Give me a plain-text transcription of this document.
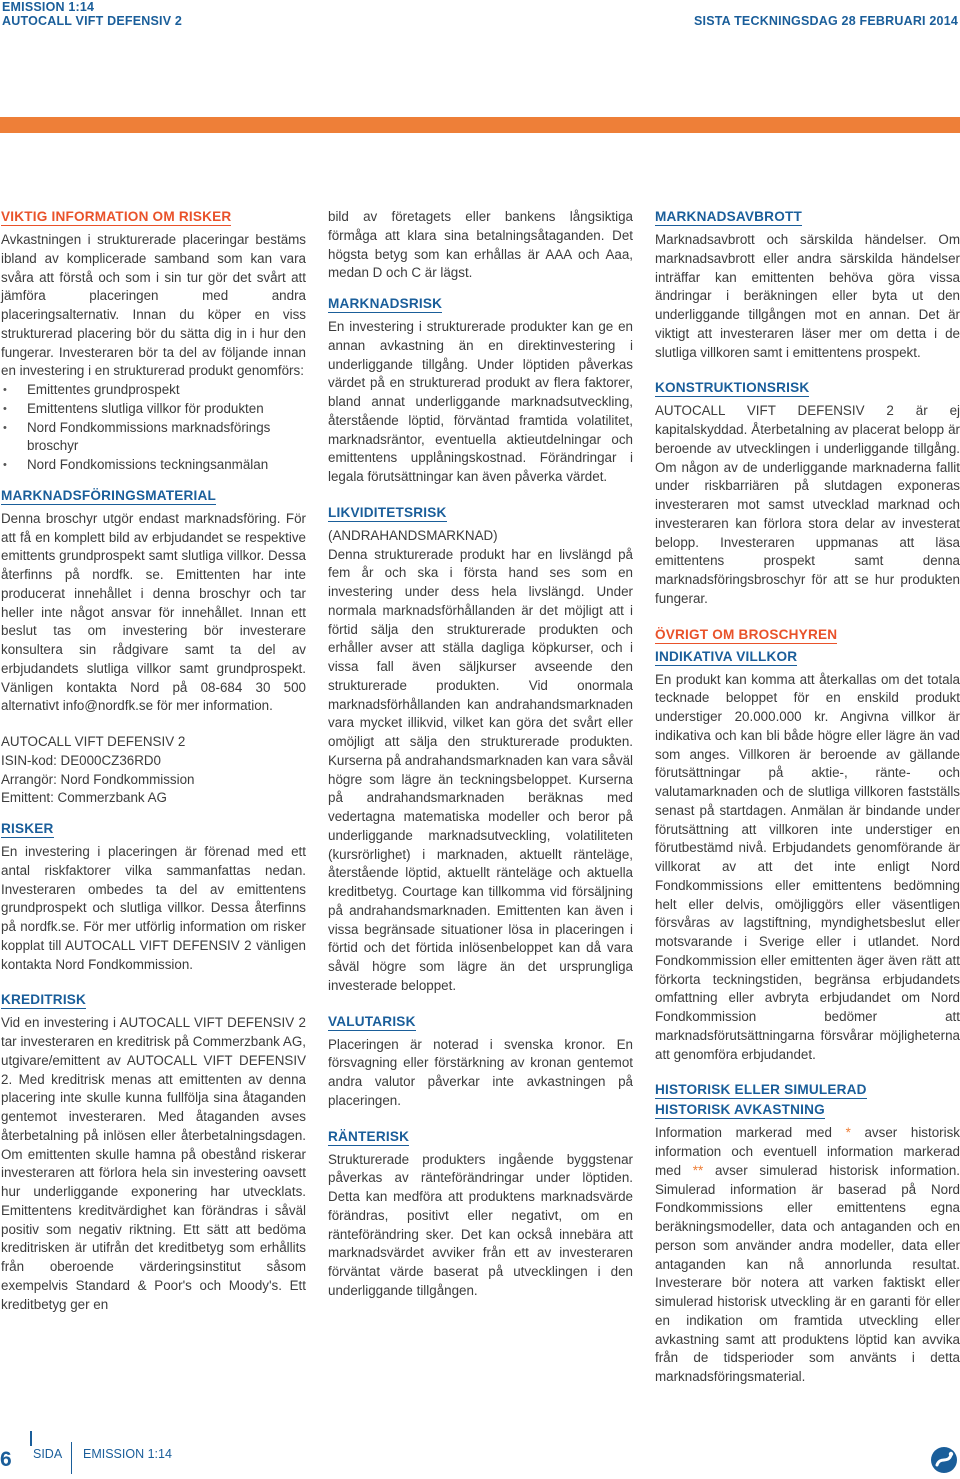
EMISSION 1:14
AUTOCALL VIFT DEFENSIV 2	SISTA TECKNINGSDAG 28 FEBRUARI 2014
VIKTIG INFORMATION OM RISKER

Avkastningen i strukturerade placeringar bestäms ibland av komplicerade samband som kan vara svåra att förstå och som i sin tur gör det svårt att jämföra placeringen med andra placeringsalternativ. Innan du köper en viss strukturerad placering bör du sätta dig in i hur den fungerar. Investeraren bör ta del av följande innan en investering i en strukturerad produkt genomförs:

• Emittentes grundprospekt
• Emittentens slutliga villkor för produkten
• Nord Fondkommissions marknadsförings broschyr
• Nord Fondkomissions teckningsanmälan
MARKNADSFÖRINGSMATERIAL

Denna broschyr utgör endast marknadsföring. För att få en komplett bild av erbjudandet se respektive emittents grundprospekt samt slutliga villkor. Dessa återfinns på nordfk. se. Emittenten har inte producerat innehållet i denna broschyr och tar heller inte något ansvar för innehållet. Innan ett beslut tas om investering bör investerare konsultera sin rådgivare samt ta del av erbjudandets slutliga villkor samt grundprospekt. Vänligen kontakta Nord på 08-684 30 500 alternativt info@nordfk.se för mer information.

AUTOCALL VIFT DEFENSIV 2
ISIN-kod: DE000CZ36RD0
Arrangör: Nord Fondkommission
Emittent: Commerzbank AG
RISKER

En investering i placeringen är förenad med ett antal riskfaktorer vilka sammanfattas nedan. Investeraren ombedes ta del av emittentens grundprospekt och slutliga villkor. Dessa återfinns på nordfk.se. För mer utförlig information om risker kopplat till AUTOCALL VIFT DEFENSIV 2 vänligen kontakta Nord Fondkommission.

KREDITRISK

Vid en investering i AUTOCALL VIFT DEFENSIV 2 tar investeraren en kreditrisk på Commerzbank AG, utgivare/emittent av AUTOCALL VIFT DEFENSIV 2. Med kreditrisk menas att emittenten av denna placering inte skulle kunna fullfölja sina åtaganden gentemot investeraren. Med åtaganden avses återbetalning på inlösen eller återbetalningsdagen. Om emittenten skulle hamna på obestånd riskerar investeraren att förlora hela sin investering oavsett hur underliggande exponering har utvecklats. Emittentens kreditvärdighet kan förändras i såväl positiv som negativ riktning. Ett sätt att bedöma kreditrisken är utifrån det kreditbetyg som erhållits från oberoende värderingsinstitut såsom exempelvis Standard & Poor's och Moody's. Ett kreditbetyg ger en

bild av företagets eller bankens långsiktiga förmåga att klara sina betalningsåtaganden. Det högsta betyg som kan erhållas är AAA och Aaa, medan D och C är lägst.

MARKNADSRISK

En investering i strukturerade produkter kan ge en annan avkastning än en direktinvestering i underliggande tillgång. Under löptiden påverkas värdet på en strukturerad produkt av flera faktorer, bland annat underliggande marknadsutveckling, återstående löptid, förväntad framtida volatilitet, marknadsräntor, eventuella aktieutdelningar och emittentens upplåningskostnad. Förändringar i legala förutsättningar kan även påverka värdet.

LIKVIDITETSRISK
(ANDRAHANDSMARKNAD)

Denna strukturerade produkt har en livslängd på fem år och ska i första hand ses som en investering under dess hela livslängd. Under normala marknadsförhållanden är det möjligt att i förtid sälja den strukturerade produkten och erhåller avser att ställa dagliga köpkurser, och i vissa fall även säljkurser avseende den strukturerade produkten. Vid onormala marknadsförhållanden kan andrahandsmarknaden vara mycket illikvid, vilket kan göra det svårt eller omöjligt att sälja den strukturerade produkten. Kurserna på andrahandsmarknaden kan vara såväl högre som lägre än teckningsbeloppet. Kurserna på andrahandsmarknaden beräknas med vedertagna matematiska modeller och beror på underliggande marknadsutveckling, volatiliteten (kursrörlighet) i marknaden, aktuellt ränteläge, återstående löptid, aktuellt ränteläge och aktuella kreditbetyg. Courtage kan tillkomma vid försäljning på andrahandsmarknaden. Emittenten kan även i vissa begränsade situationer lösa in placeringen i förtid och det förtida inlösenbeloppet kan då vara såväl högre som lägre än det ursprungliga investerade beloppet.

VALUTARISK

Placeringen är noterad i svenska kronor. En försvagning eller förstärkning av kronan gentemot andra valutor påverkar inte avkastningen på placeringen.

RÄNTERISK

Strukturerade produkters ingående byggstenar påverkas av ränteförändringar under löptiden. Detta kan medföra att produktens marknadsvärde förändras, positivt eller negativt, om en ränteförändring sker. Det kan också innebära att marknadsvärdet avviker från ett av investeraren förväntat värde baserat på utvecklingen i den underliggande tillgången.

MARKNADSAVBROTT

Marknadsavbrott och särskilda händelser. Om marknadsavbrott eller andra särskilda händelser inträffar kan emittenten behöva göra vissa ändringar i beräkningen eller byta ut den underliggande tillgången mot en annan. Det är viktigt att investeraren läser mer om detta i de slutliga villkoren samt i emittentens prospekt.

KONSTRUKTIONSRISK

AUTOCALL VIFT DEFENSIV 2 är ej kapitalskyddad. Återbetalning av placerat belopp är beroende av utvecklingen i underliggande tillgång. Om någon av de underliggande marknaderna fallit under riskbarriären på slutdagen exponeras investeraren mot samst utvecklad marknad och investeraren kan förlora stora delar av investerat belopp. Investeraren uppmanas att läsa emittentens prospekt samt denna marknadsföringsbroschyr för att se hur produkten fungerar.

ÖVRIGT OM BROSCHYREN
INDIKATIVA VILLKOR

En produkt kan komma att återkallas om det totala tecknade beloppet för en enskild produkt understiger 20.000.000 kr. Angivna villkor är indikativa och kan bli både högre eller lägre än vad som anges. Villkoren är beroende av gällande förutsättningar på aktie-, ränte- och valutamarknaden och de slutliga villkoren fastställs senast på startdagen. Anmälan är bindande under förutsättning att villkoren inte understiger en förutbestämd nivå. Erbjudandets genomförande är villkorat av att det inte enligt Nord Fondkommissions eller emittentens bedömning helt eller delvis, omöjliggörs eller väsentligen försvåras av lagstiftning, myndighetsbeslut eller motsvarande i Sverige eller i utlandet. Nord Fondkommission eller emittenten äger även rätt att förkorta teckningstiden, begränsa erbjudandets omfattning eller avbryta erbjudandet om Nord Fondkommission bedömer att marknadsförutsättningarna försvårar möjligheterna att genomföra erbjudandet.

HISTORISK ELLER SIMULERAD
HISTORISK AVKASTNING

Information markerad med * avser historisk information och eventuell information markerad med ** avser simulerad historisk information. Simulerad information är baserad på Nord Fondkommissions eller emittentens egna beräkningsmodeller, data och antaganden och en person som använder andra modeller, data eller antaganden kan nå annorlunda resultat. Investerare bör notera att varken faktiskt eller simulerad historisk utveckling är en garanti för eller en indikation om framtida utveckling eller avkastning samt att produktens löptid kan avvika från de tidsperioder som använts i detta marknadsföringsmaterial.

6 SIDA EMISSION 1:14
